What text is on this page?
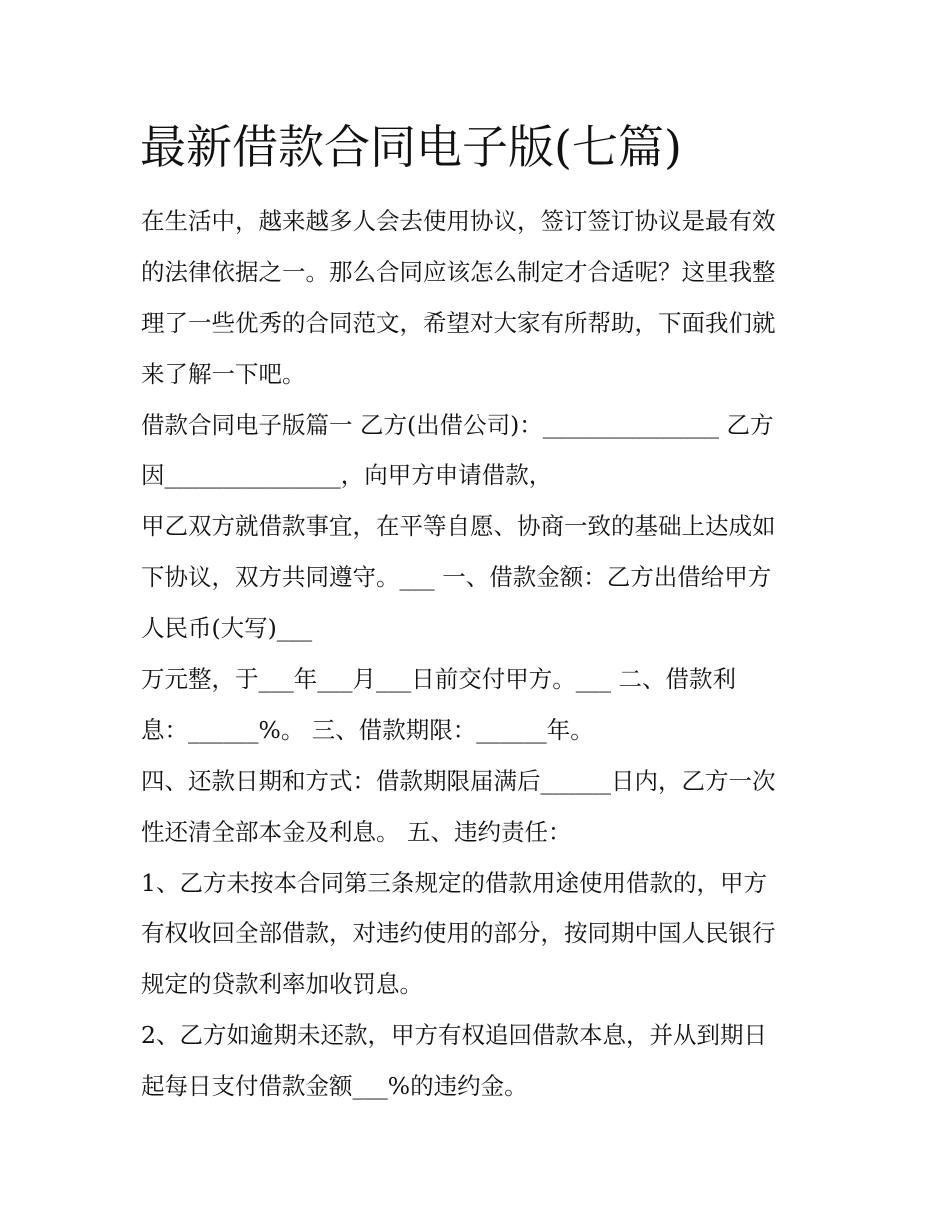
最新借款合同电子版(七篇)
在生活中，越来越多人会去使用协议，签订签订协议是最有效
的法律依据之一。那么合同应该怎么制定才合适呢？这里我整
理了一些优秀的合同范文，希望对大家有所帮助，下面我们就
来了解一下吧。
借款合同电子版篇一 乙方(出借公司)：_______________ 乙方
因_______________，向甲方申请借款，
甲乙双方就借款事宜，在平等自愿、协商一致的基础上达成如
下协议，双方共同遵守。___ 一、借款金额：乙方出借给甲方
人民币(大写)___
万元整，于___年___月___日前交付甲方。___ 二、借款利
息：______%。 三、借款期限：______年。
四、还款日期和方式：借款期限届满后______日内，乙方一次
性还清全部本金及利息。 五、违约责任：
1、乙方未按本合同第三条规定的借款用途使用借款的，甲方
有权收回全部借款，对违约使用的部分，按同期中国人民银行
规定的贷款利率加收罚息。
2、乙方如逾期未还款，甲方有权追回借款本息，并从到期日
起每日支付借款金额___%的违约金。
